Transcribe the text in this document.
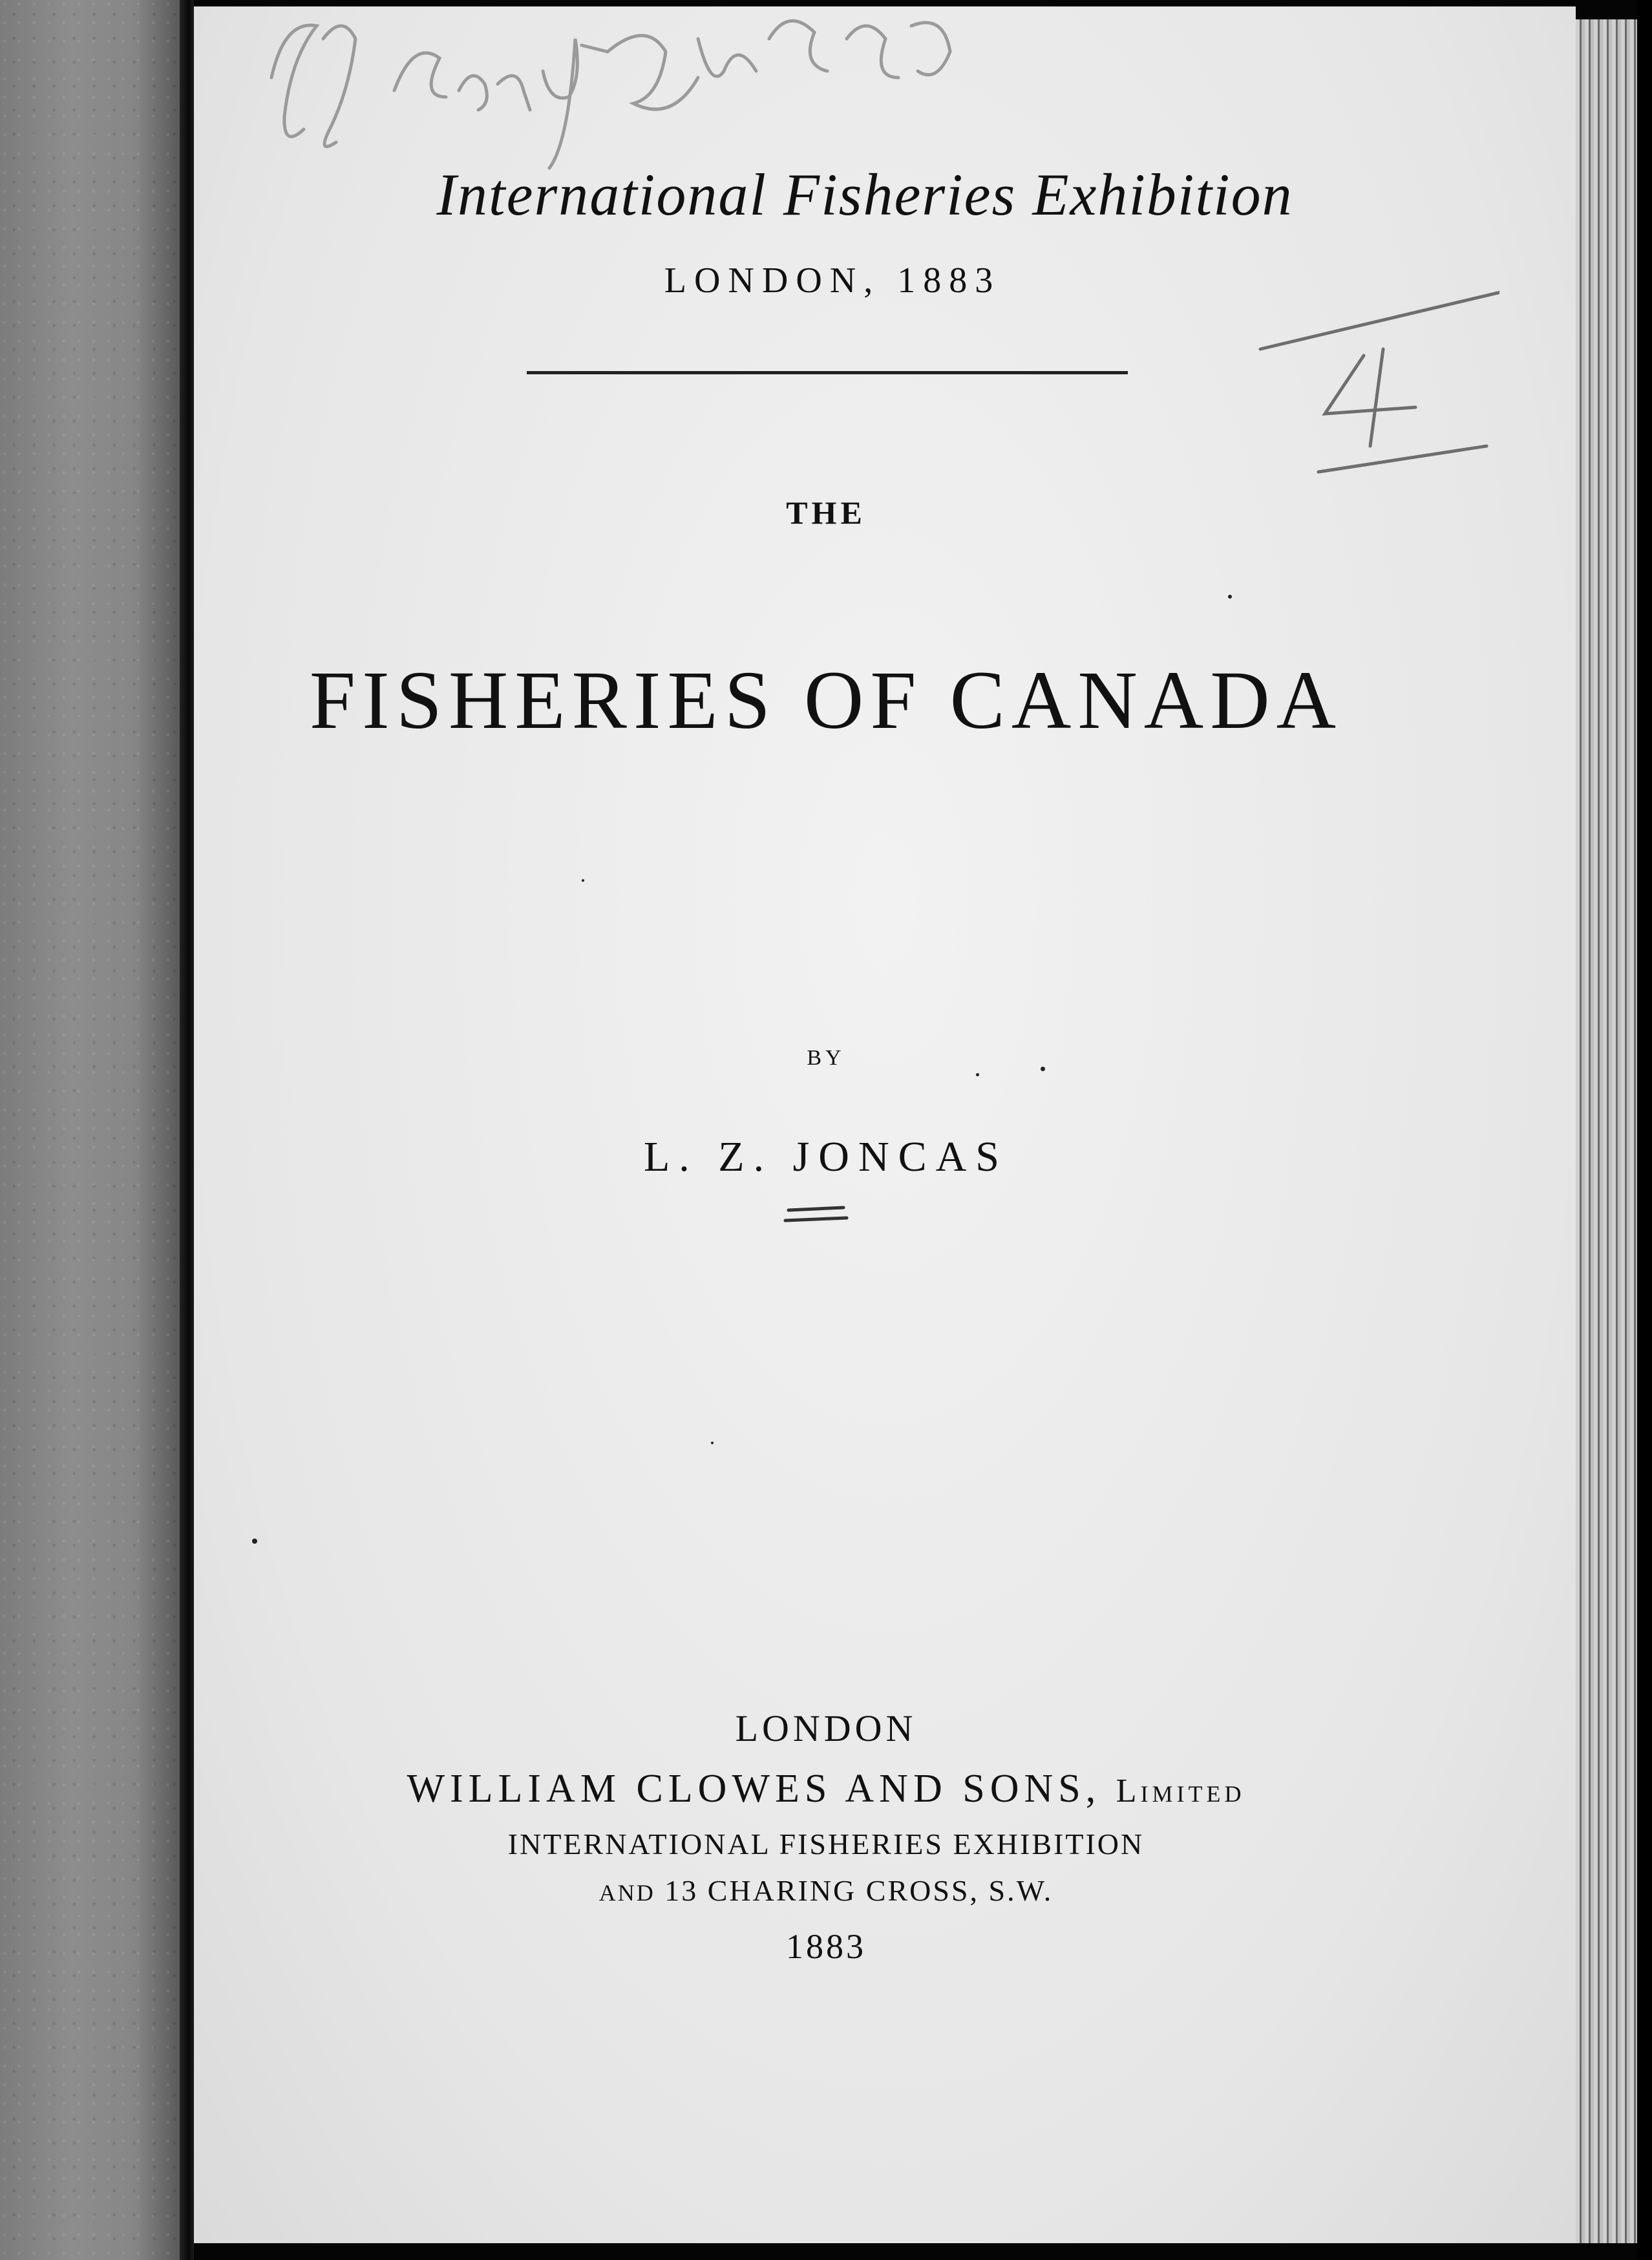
International Fisheries Exhibition
LONDON, 1883
THE
FISHERIES OF CANADA
BY
L. Z. JONCAS
LONDON
WILLIAM CLOWES AND SONS, Limited
INTERNATIONAL FISHERIES EXHIBITION
AND 13 CHARING CROSS, S.W.
1883
